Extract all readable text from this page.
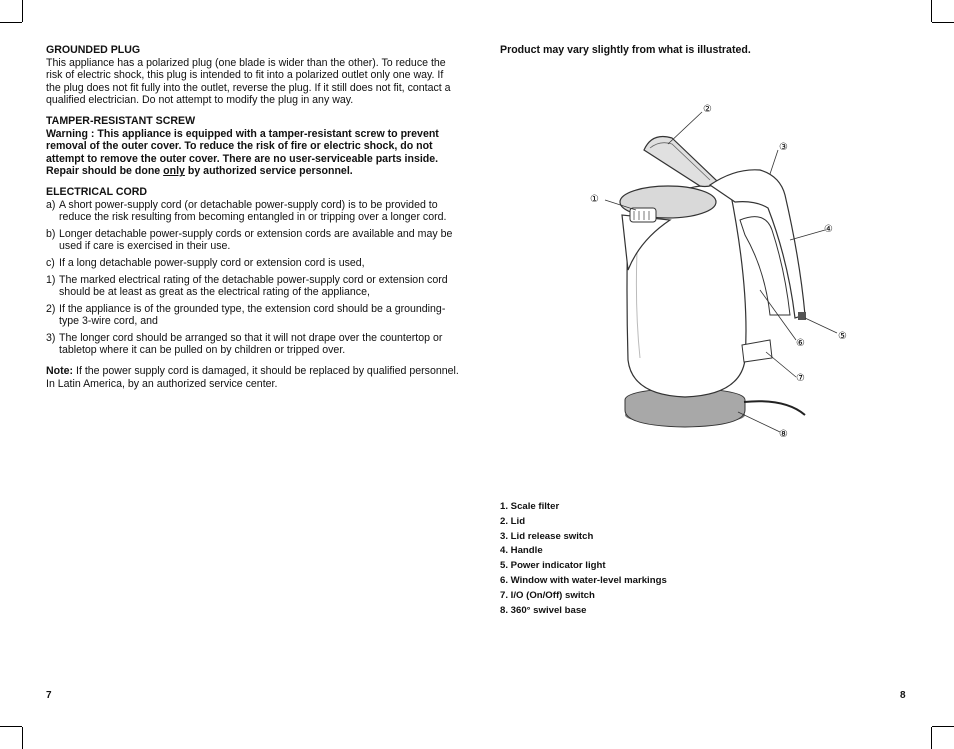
GROUNDED PLUG

This appliance has a polarized plug (one blade is wider than the other). To reduce the risk of electric shock, this plug is intended to fit into a polarized outlet only one way. If the plug does not fit fully into the outlet, reverse the plug. If it still does not fit, contact a qualified electrician. Do not attempt to modify the plug in any way.

TAMPER-RESISTANT SCREW

Warning : This appliance is equipped with a tamper-resistant screw to prevent removal of the outer cover. To reduce the risk of fire or electric shock, do not attempt to remove the outer cover. There are no user-serviceable parts inside. Repair should be done only by authorized service personnel.

ELECTRICAL CORD
a) A short power-supply cord (or detachable power-supply cord) is to be provided to reduce the risk resulting from becoming entangled in or tripping over a longer cord.
b) Longer detachable power-supply cords or extension cords are available and may be used if care is exercised in their use.
c) If a long detachable power-supply cord or extension cord is used,
1) The marked electrical rating of the detachable power-supply cord or extension cord should be at least as great as the electrical rating of the appliance,
2) If the appliance is of the grounded type, the extension cord should be a grounding-type 3-wire cord, and
3) The longer cord should be arranged so that it will not drape over the countertop or tabletop where it can be pulled on by children or tripped over.

Note: If the power supply cord is damaged, it should be replaced by qualified personnel. In Latin America, by an authorized service center.

7
Product may vary slightly from what is illustrated.
①
②
③
④
⑤
⑥
⑦
⑧
1. Scale filter
2. Lid
3. Lid release switch
4. Handle
5. Power indicator light
6. Window with water-level markings
7. I/O (On/Off) switch
8. 360° swivel base
8
